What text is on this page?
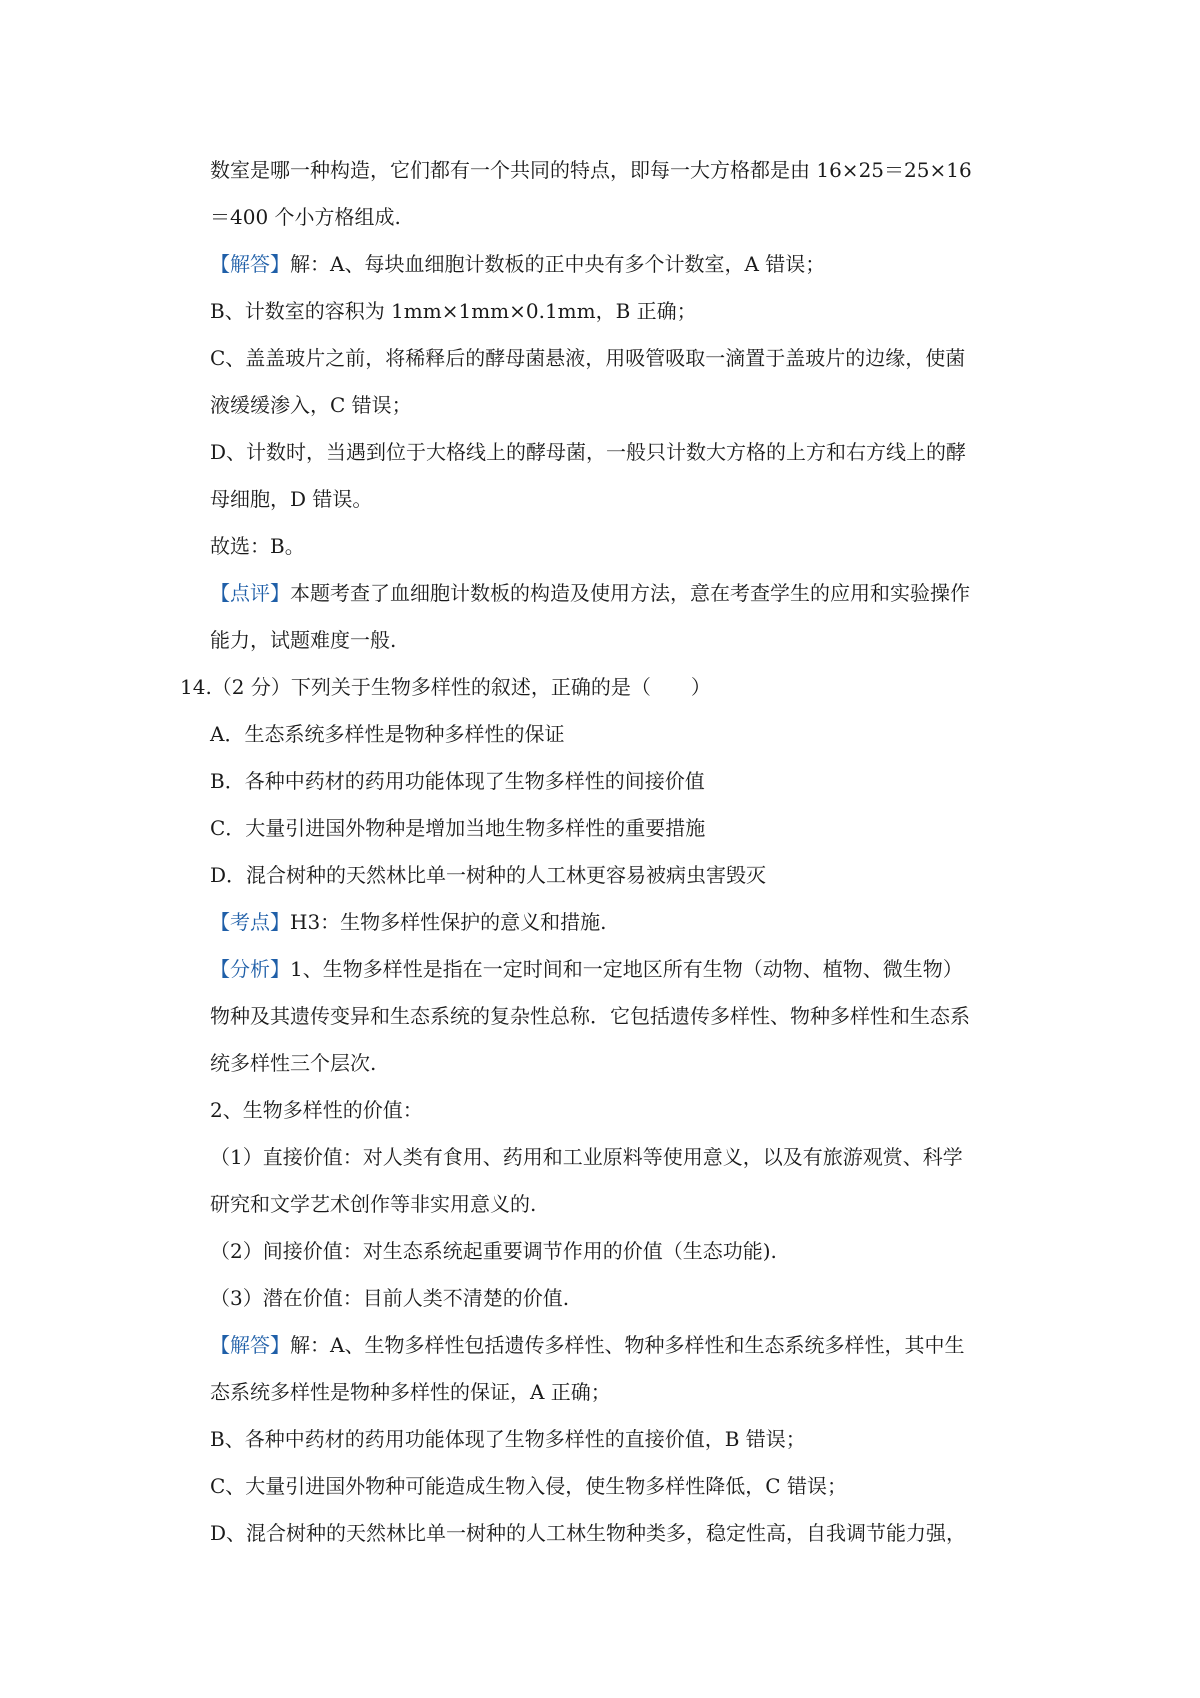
数室是哪一种构造，它们都有一个共同的特点，即每一大方格都是由 16×25＝25×16
＝400 个小方格组成.
【解答】解：A、每块血细胞计数板的正中央有多个计数室，A 错误；
B、计数室的容积为 1mm×1mm×0.1mm，B 正确；
C、盖盖玻片之前，将稀释后的酵母菌悬液，用吸管吸取一滴置于盖玻片的边缘，使菌
液缓缓渗入，C 错误；
D、计数时，当遇到位于大格线上的酵母菌，一般只计数大方格的上方和右方线上的酵
母细胞，D 错误。
故选：B。
【点评】本题考查了血细胞计数板的构造及使用方法，意在考查学生的应用和实验操作
能力，试题难度一般.
14.（2 分）下列关于生物多样性的叙述，正确的是（　　）
A．生态系统多样性是物种多样性的保证
B．各种中药材的药用功能体现了生物多样性的间接价值
C．大量引进国外物种是增加当地生物多样性的重要措施
D．混合树种的天然林比单一树种的人工林更容易被病虫害毁灭
【考点】H3：生物多样性保护的意义和措施.
【分析】1、生物多样性是指在一定时间和一定地区所有生物（动物、植物、微生物）
物种及其遗传变异和生态系统的复杂性总称．它包括遗传多样性、物种多样性和生态系
统多样性三个层次.
2、生物多样性的价值：
（1）直接价值：对人类有食用、药用和工业原料等使用意义，以及有旅游观赏、科学
研究和文学艺术创作等非实用意义的.
（2）间接价值：对生态系统起重要调节作用的价值（生态功能).
（3）潜在价值：目前人类不清楚的价值.
【解答】解：A、生物多样性包括遗传多样性、物种多样性和生态系统多样性，其中生
态系统多样性是物种多样性的保证，A 正确；
B、各种中药材的药用功能体现了生物多样性的直接价值，B 错误；
C、大量引进国外物种可能造成生物入侵，使生物多样性降低，C 错误；
D、混合树种的天然林比单一树种的人工林生物种类多，稳定性高，自我调节能力强，
